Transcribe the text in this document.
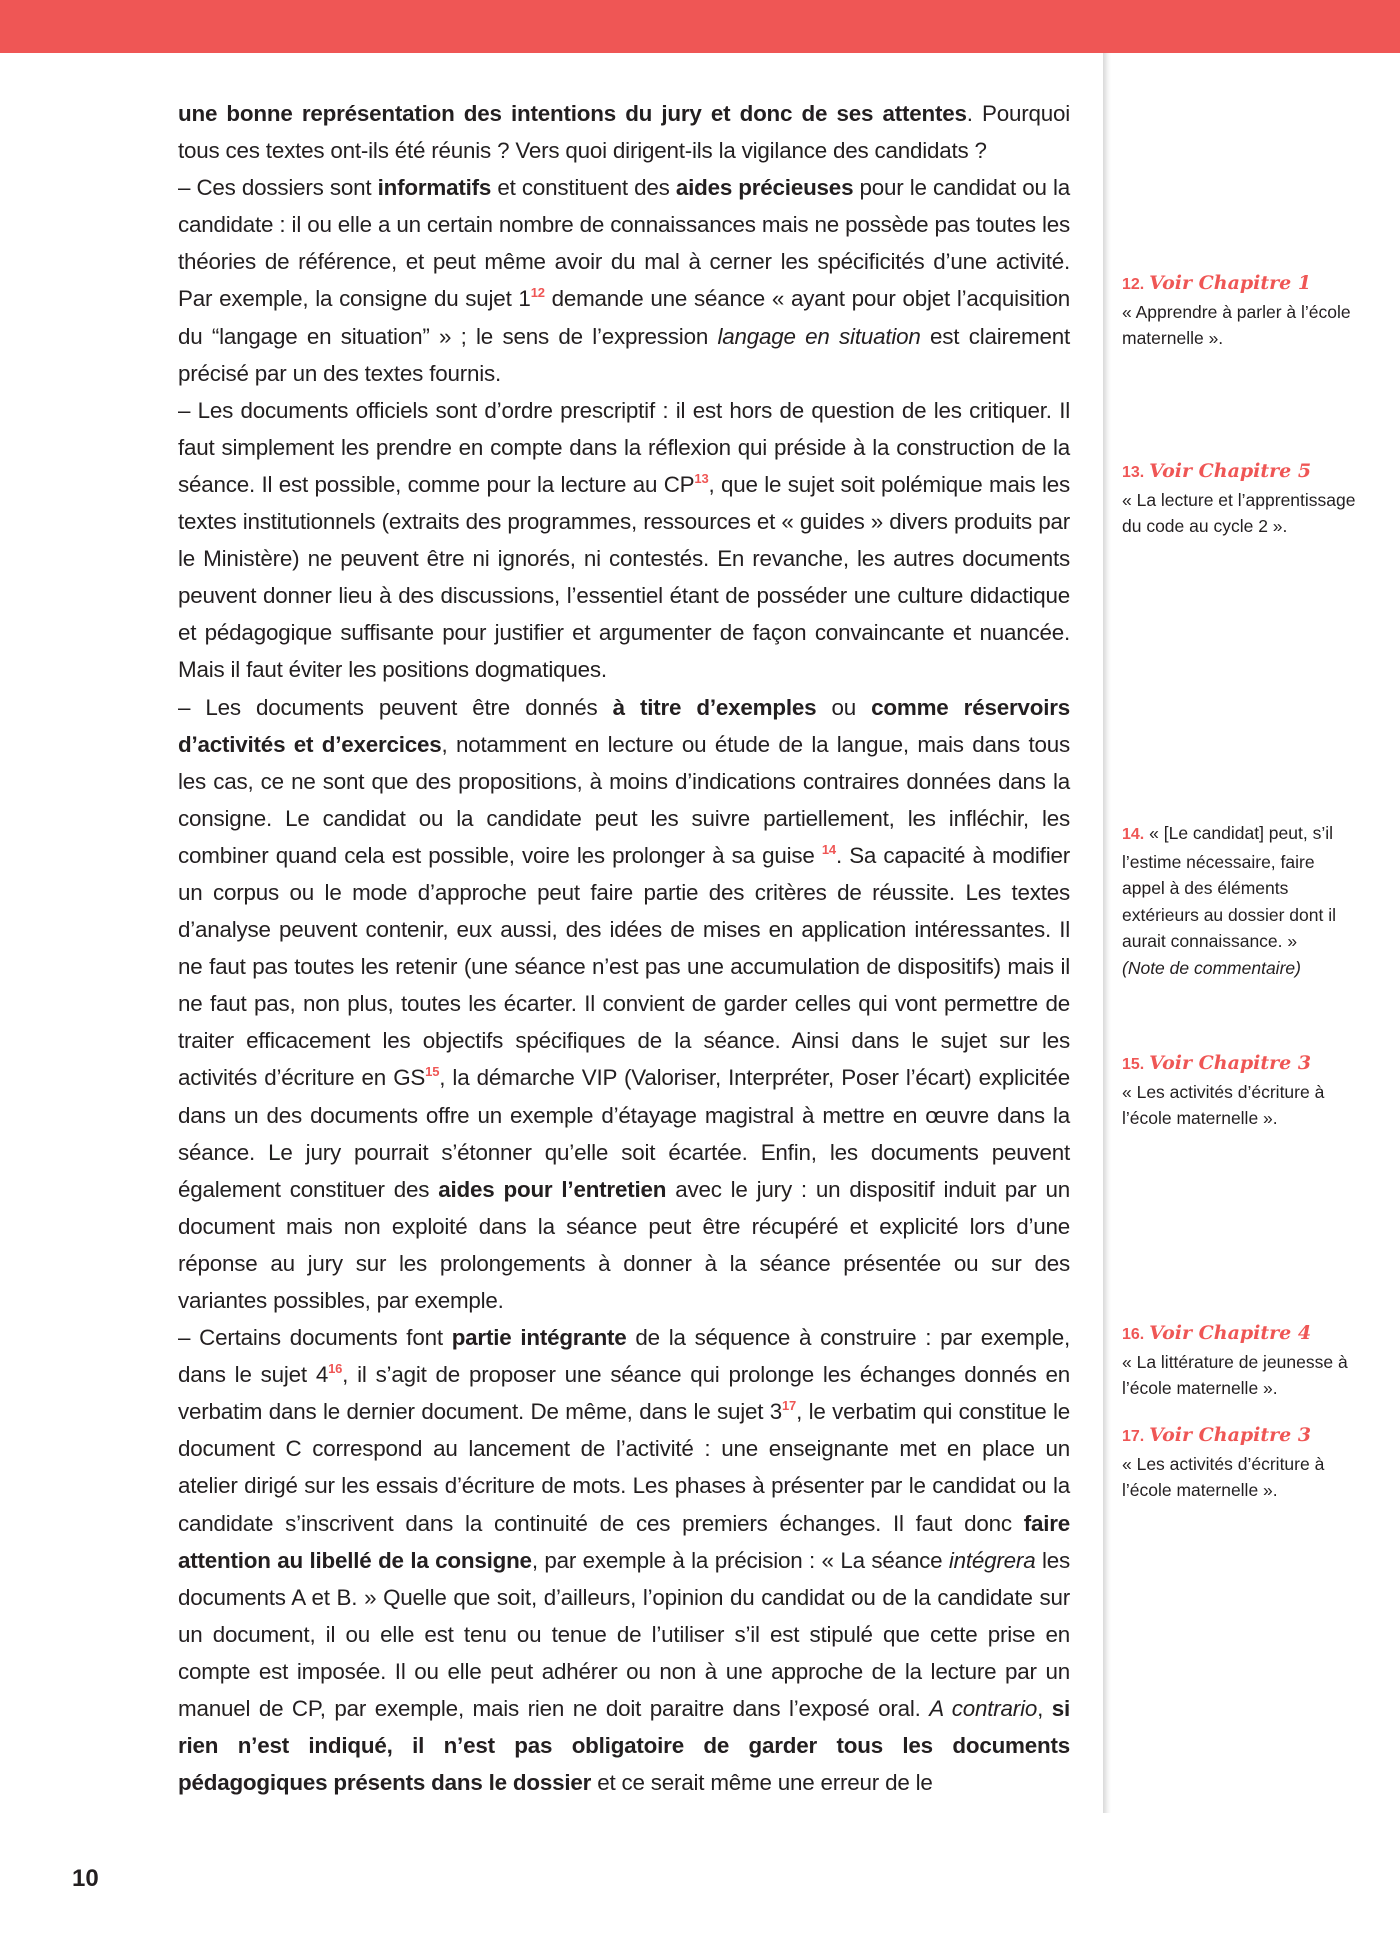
une bonne représentation des intentions du jury et donc de ses attentes. Pourquoi tous ces textes ont-ils été réunis ? Vers quoi dirigent-ils la vigilance des candidats ?

– Ces dossiers sont informatifs et constituent des aides précieuses pour le candidat ou la candidate : il ou elle a un certain nombre de connaissances mais ne possède pas toutes les théories de référence, et peut même avoir du mal à cerner les spécificités d’une activité. Par exemple, la consigne du sujet $1^{12}$ demande une séance « ayant pour objet l’acquisition du “langage en situation” » ; le sens de l’expression langage en situation est clairement précisé par un des textes fournis.

– Les documents officiels sont d’ordre prescriptif : il est hors de question de les critiquer. Il faut simplement les prendre en compte dans la réflexion qui préside à la construction de la séance. Il est possible, comme pour la lecture au CP$^{13}$, que le sujet soit polémique mais les textes institutionnels (extraits des programmes, ressources et « guides » divers produits par le Ministère) ne peuvent être ni ignorés, ni contestés. En revanche, les autres documents peuvent donner lieu à des discussions, l’essentiel étant de posséder une culture didactique et pédagogique suffisante pour justifier et argumenter de façon convaincante et nuancée. Mais il faut éviter les positions dogmatiques.

– Les documents peuvent être donnés à titre d’exemples ou comme réservoirs d’activités et d’exercices, notamment en lecture ou étude de la langue, mais dans tous les cas, ce ne sont que des propositions, à moins d’indications contraires données dans la consigne. Le candidat ou la candidate peut les suivre partiellement, les infléchir, les combiner quand cela est possible, voire les prolonger à sa guise $^{14}$. Sa capacité à modifier un corpus ou le mode d’approche peut faire partie des critères de réussite. Les textes d’analyse peuvent contenir, eux aussi, des idées de mises en application intéressantes. Il ne faut pas toutes les retenir (une séance n’est pas une accumulation de dispositifs) mais il ne faut pas, non plus, toutes les écarter. Il convient de garder celles qui vont permettre de traiter efficacement les objectifs spécifiques de la séance. Ainsi dans le sujet sur les activités d’écriture en GS$^{15}$, la démarche VIP (Valoriser, Interpréter, Poser l’écart) explicitée dans un des documents offre un exemple d’étayage magistral à mettre en œuvre dans la séance. Le jury pourrait s’étonner qu’elle soit écartée. Enfin, les documents peuvent également constituer des aides pour l’entretien avec le jury : un dispositif induit par un document mais non exploité dans la séance peut être récupéré et explicité lors d’une réponse au jury sur les prolongements à donner à la séance présentée ou sur des variantes possibles, par exemple.

– Certains documents font partie intégrante de la séquence à construire : par exemple, dans le sujet $4^{16}$, il s’agit de proposer une séance qui prolonge les échanges donnés en verbatim dans le dernier document. De même, dans le sujet $3^{17}$, le verbatim qui constitue le document C correspond au lancement de l’activité : une enseignante met en place un atelier dirigé sur les essais d’écriture de mots. Les phases à présenter par le candidat ou la candidate s’inscrivent dans la continuité de ces premiers échanges. Il faut donc faire attention au libellé de la consigne, par exemple à la précision : « La séance intégrera les documents A et B. » Quelle que soit, d’ailleurs, l’opinion du candidat ou de la candidate sur un document, il ou elle est tenu ou tenue de l’utiliser s’il est stipulé que cette prise en compte est imposée. Il ou elle peut adhérer ou non à une approche de la lecture par un manuel de CP, par exemple, mais rien ne doit paraitre dans l’exposé oral. A contrario, si rien n’est indiqué, il n’est pas obligatoire de garder tous les documents pédagogiques présents dans le dossier et ce serait même une erreur de le

12. Voir Chapitre 1

« Apprendre à parler à l’école maternelle ».

13. Voir Chapitre 5

« La lecture et l’apprentissage du code au cycle 2 ».

14. « [Le candidat] peut, s’il l’estime nécessaire, faire appel à des éléments extérieurs au dossier dont il aurait connaissance. »

(Note de commentaire)

15. Voir Chapitre 3

« Les activités d’écriture à l’école maternelle ».

16. Voir Chapitre 4

« La littérature de jeunesse à l’école maternelle ».

17. Voir Chapitre 3

« Les activités d’écriture à l’école maternelle ».

10
